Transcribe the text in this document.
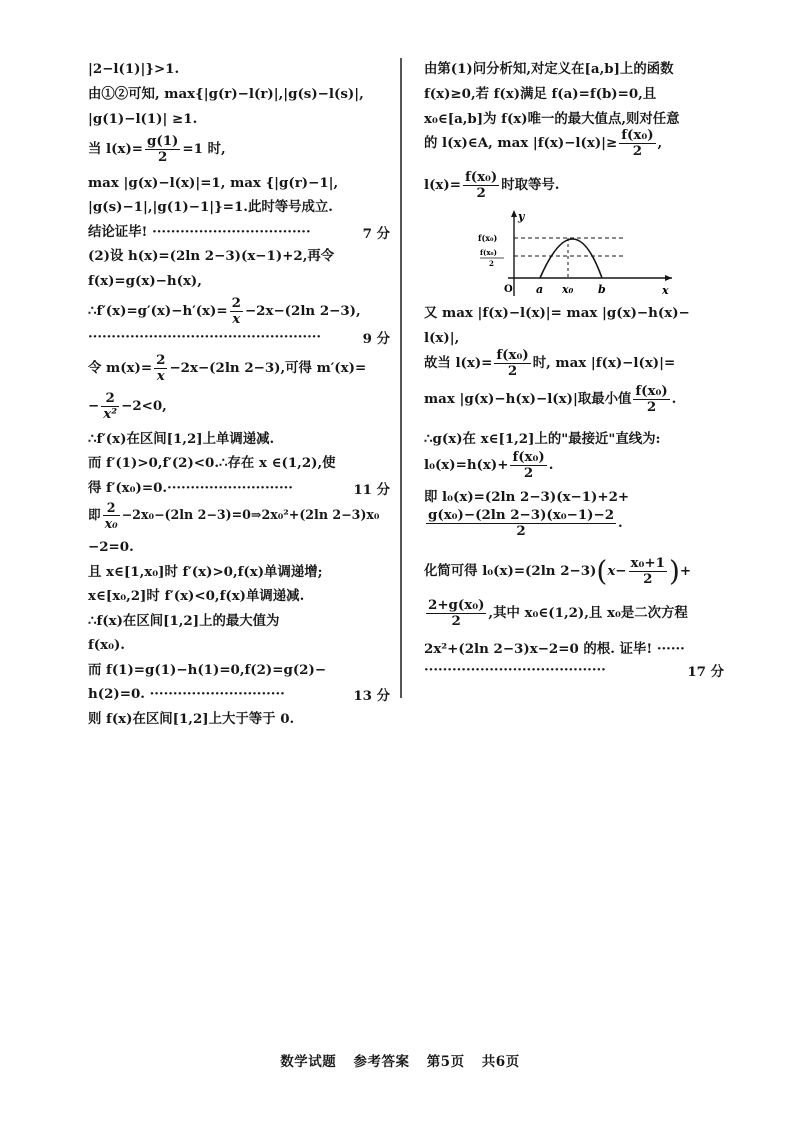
|2−l(1)|}>1.
由①②可知, max{|g(r)−l(r)|,|g(s)−l(s)|,
|g(1)−l(1)| ≥1.
当 $l(x)= \frac{g(1)}{2} =1$ 时,
max |g(x)−l(x)|=1, max {|g(r)−1|,
|g(s)−1|,|g(1)−1|}=1.此时等号成立.
结论证毕! ··································	7 分
(2)设 h(x)=(2ln 2−3)(x−1)+2,再令
f(x)=g(x)−h(x),
∴f′(x)=g′(x)−h′(x)= $\frac{2}{x} -2x-(2\ln$ 2−3),
··················································	9 分
令 $m(x)= \frac{2}{x} -2x-(2\ln$ 2−3),可得 m′(x)=
− $\frac{2}{\text{x²}} -2<0$,
∴f′(x)在区间[1,2]上单调递减.
而 f′(1)>0,f′(2)<0.∴存在 x ∈(1,2),使
得 f′(x₀)=0.···························	11 分
即 $\frac{2}{\text{x₀}} -2x_0-(2\ln$ 2−3)=0⇒2x₀²+(2ln 2−3)x₀
−2=0.
且 x∈[1,x₀]时 f′(x)>0,f(x)单调递增;
x∈[x₀,2]时 f′(x)<0,f(x)单调递减.
∴f(x)在区间[1,2]上的最大值为
f(x₀).
而 f(1)=g(1)−h(1)=0,f(2)=g(2)−
h(2)=0. ·····························	13 分
则 f(x)在区间[1,2]上大于等于 0.
由第(1)问分析知,对定义在[a,b]上的函数
f(x)≥0,若 f(x)满足 f(a)=f(b)=0,且
x₀∈[a,b]为 f(x)唯一的最大值点,则对任意
的 l(x)∈A, $\max |f(x)-l(x)|\ge \frac{\text{f(x₀)}}{2}$ ,
$l(x)= \frac{\text{f(x₀)}}{2}$ 时取等号.
y
x
O
f(x₀)
f(x₀)
2
a x₀ b
又 max |f(x)−l(x)|= max |g(x)−h(x)−
l(x)|,
故当 $l(x)= \frac{\text{f(x₀)}}{2}$ 时, max |f(x)−l(x)|=
max |g(x)−h(x)−l(x)|取最小值 $\frac{\text{f(x₀)}}{2}$ .
∴g(x)在 x∈[1,2]上的"最接近"直线为:
$l_0(x)=h(x)+ \frac{\text{f(x₀)}}{2}$ .
即 l₀(x)=(2ln 2−3)(x−1)+2+
$\frac{\text{g(x₀)−(2ln 2−3)(x₀−1)−2}}{2}$ .
化简可得 l₀(x)=(2ln $2-3)(x- \frac{\text{x₀+1}}{2}$ )+
$\frac{\text{2+g(x₀)}}{2}$ ,其中 x₀∈(1,2),且 x₀是二次方程
2x²+(2ln 2−3)x−2=0 的根. 证毕! ······
·······································	17 分
数学试题 参考答案 第5页 共6页
